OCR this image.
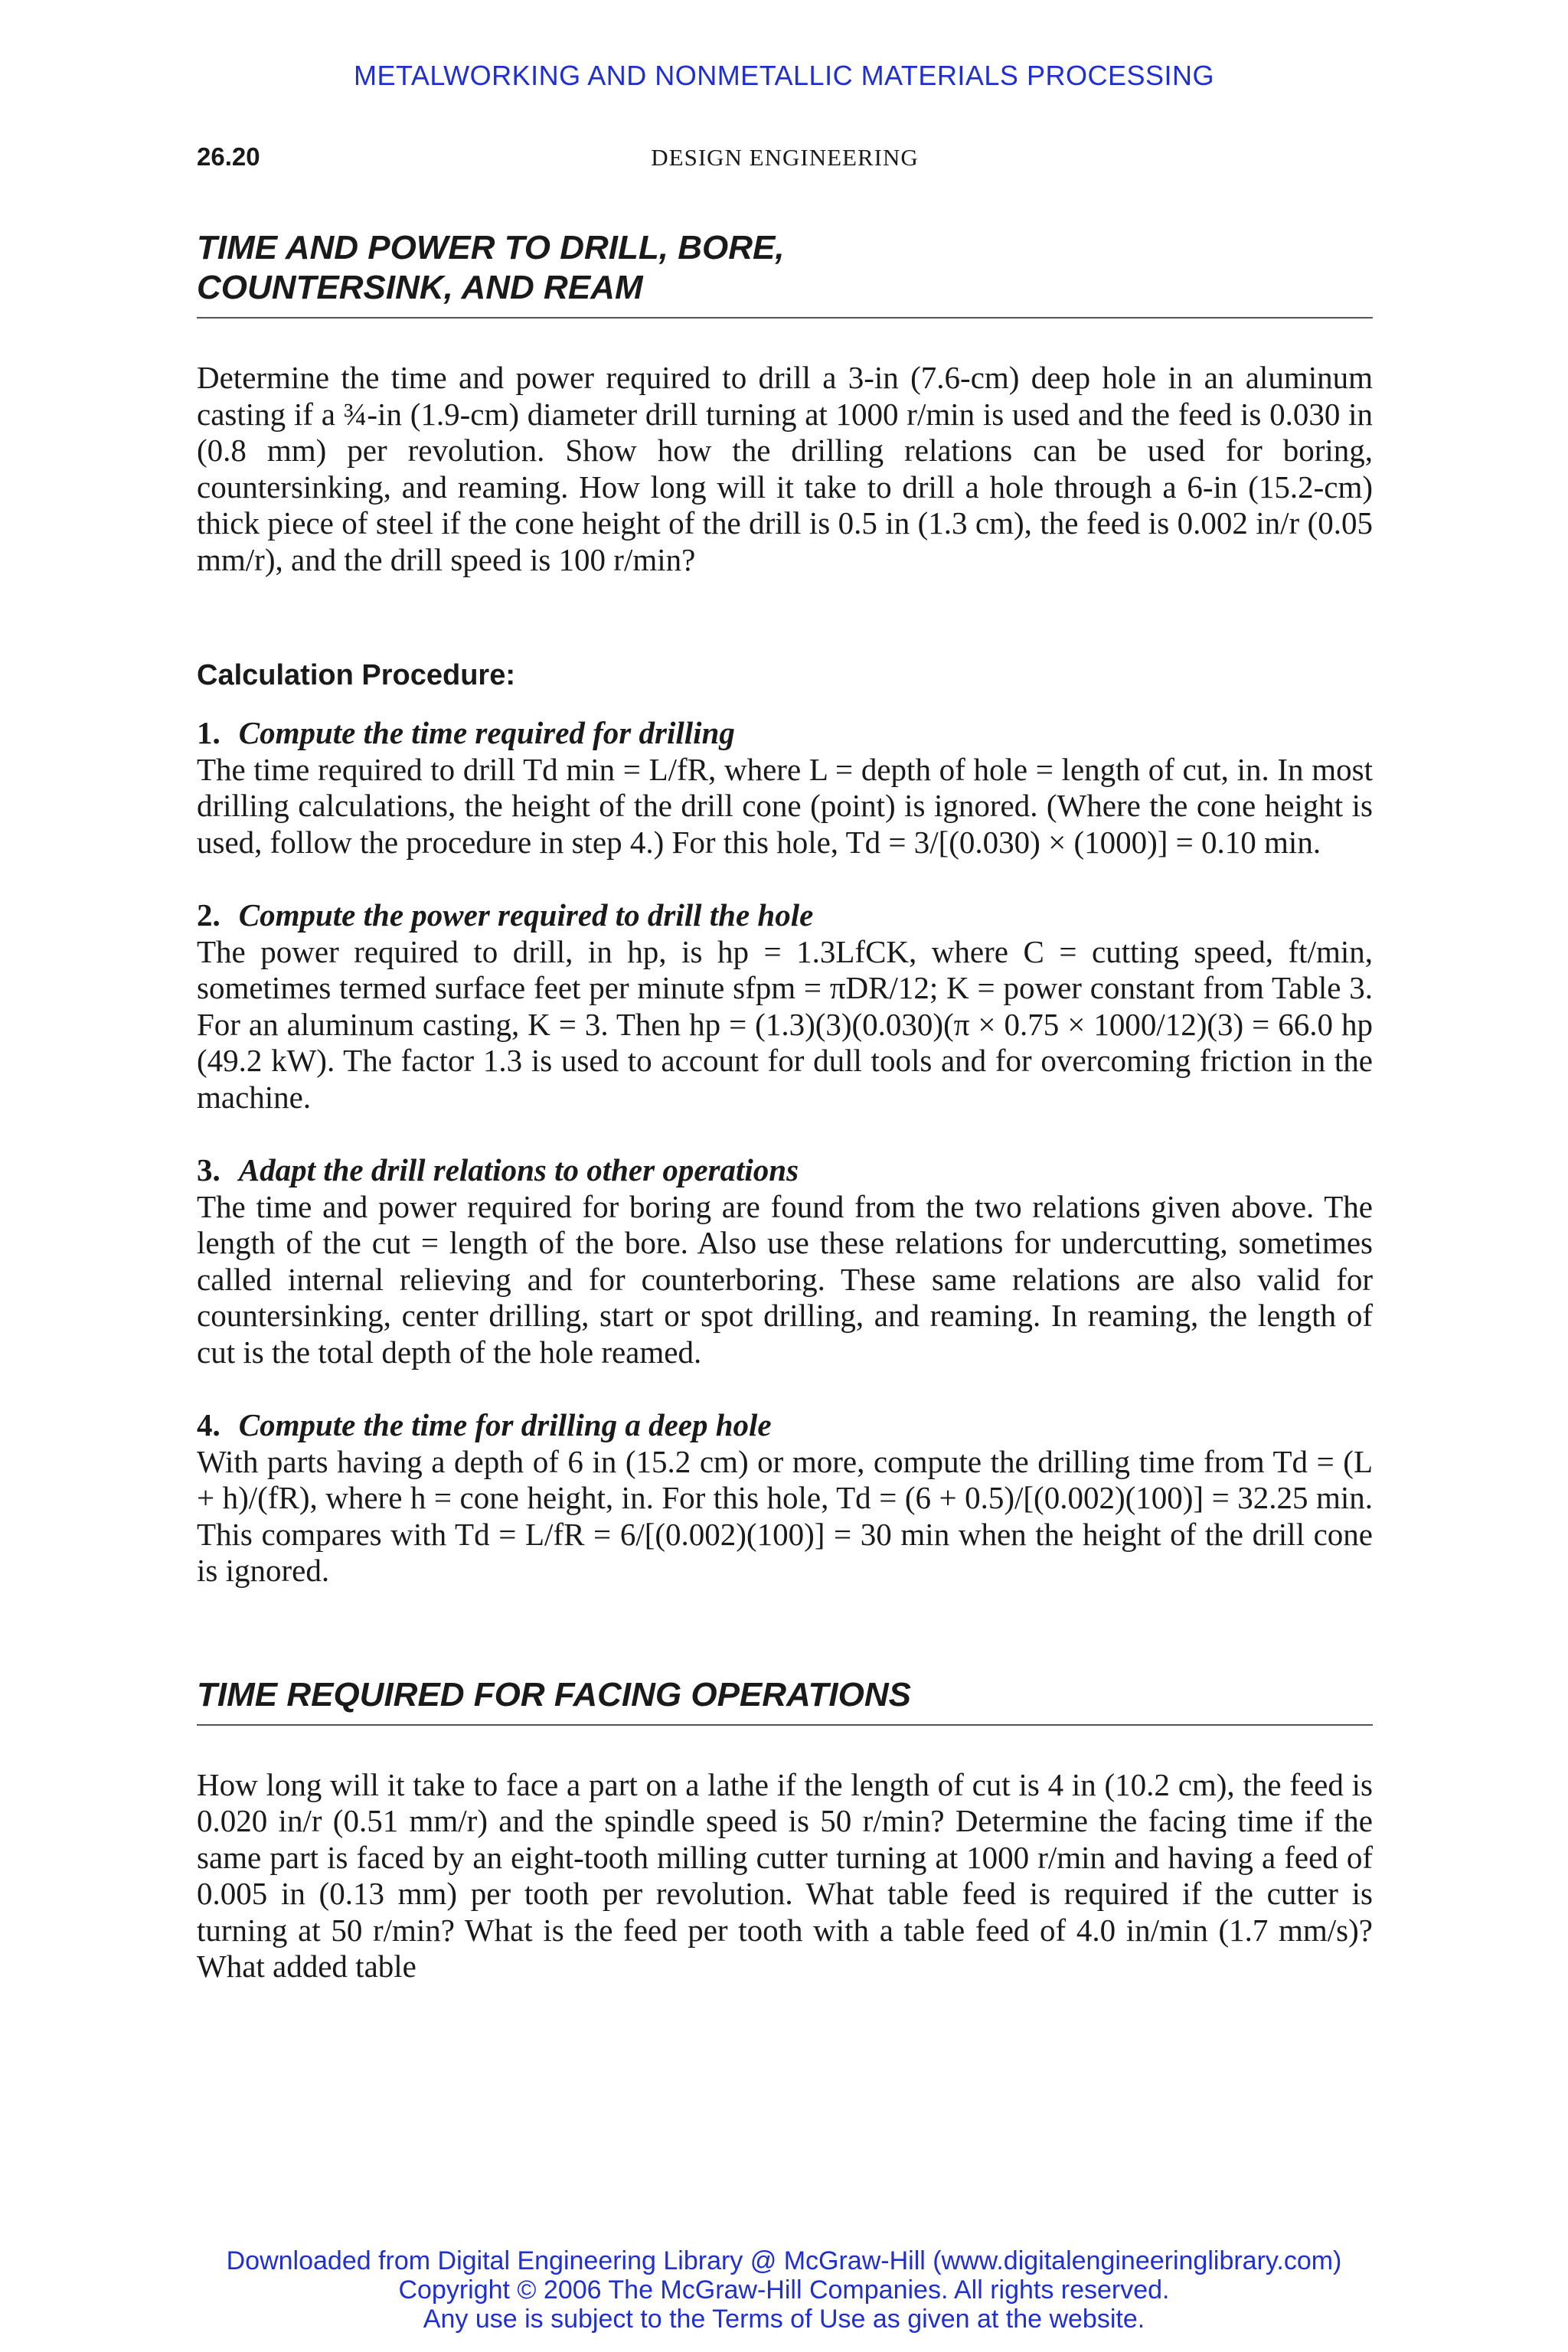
METALWORKING AND NONMETALLIC MATERIALS PROCESSING
26.20	DESIGN ENGINEERING
TIME AND POWER TO DRILL, BORE,
COUNTERSINK, AND REAM

Determine the time and power required to drill a 3-in (7.6-cm) deep hole in an aluminum casting if a ¾-in (1.9-cm) diameter drill turning at 1000 r/min is used and the feed is 0.030 in (0.8 mm) per revolution. Show how the drilling relations can be used for boring, countersinking, and reaming. How long will it take to drill a hole through a 6-in (15.2-cm) thick piece of steel if the cone height of the drill is 0.5 in (1.3 cm), the feed is 0.002 in/r (0.05 mm/r), and the drill speed is 100 r/min?

Calculation Procedure:
1. Compute the time required for drilling

The time required to drill Td min = L/fR, where L = depth of hole = length of cut, in. In most drilling calculations, the height of the drill cone (point) is ignored. (Where the cone height is used, follow the procedure in step 4.) For this hole, Td = 3/[(0.030) × (1000)] = 0.10 min.

2. Compute the power required to drill the hole

The power required to drill, in hp, is hp = 1.3LfCK, where C = cutting speed, ft/min, sometimes termed surface feet per minute sfpm = πDR/12; K = power constant from Table 3. For an aluminum casting, K = 3. Then hp = (1.3)(3)(0.030)(π × 0.75 × 1000/12)(3) = 66.0 hp (49.2 kW). The factor 1.3 is used to account for dull tools and for overcoming friction in the machine.

3. Adapt the drill relations to other operations

The time and power required for boring are found from the two relations given above. The length of the cut = length of the bore. Also use these relations for undercutting, sometimes called internal relieving and for counterboring. These same relations are also valid for countersinking, center drilling, start or spot drilling, and reaming. In reaming, the length of cut is the total depth of the hole reamed.

4. Compute the time for drilling a deep hole

With parts having a depth of 6 in (15.2 cm) or more, compute the drilling time from Td = (L + h)/(fR), where h = cone height, in. For this hole, Td = (6 + 0.5)/[(0.002)(100)] = 32.25 min. This compares with Td = L/fR = 6/[(0.002)(100)] = 30 min when the height of the drill cone is ignored.

TIME REQUIRED FOR FACING OPERATIONS

How long will it take to face a part on a lathe if the length of cut is 4 in (10.2 cm), the feed is 0.020 in/r (0.51 mm/r) and the spindle speed is 50 r/min? Determine the facing time if the same part is faced by an eight-tooth milling cutter turning at 1000 r/min and having a feed of 0.005 in (0.13 mm) per tooth per revolution. What table feed is required if the cutter is turning at 50 r/min? What is the feed per tooth with a table feed of 4.0 in/min (1.7 mm/s)? What added table

Downloaded from Digital Engineering Library @ McGraw-Hill (www.digitalengineeringlibrary.com)
Copyright © 2006 The McGraw-Hill Companies. All rights reserved.
Any use is subject to the Terms of Use as given at the website.
